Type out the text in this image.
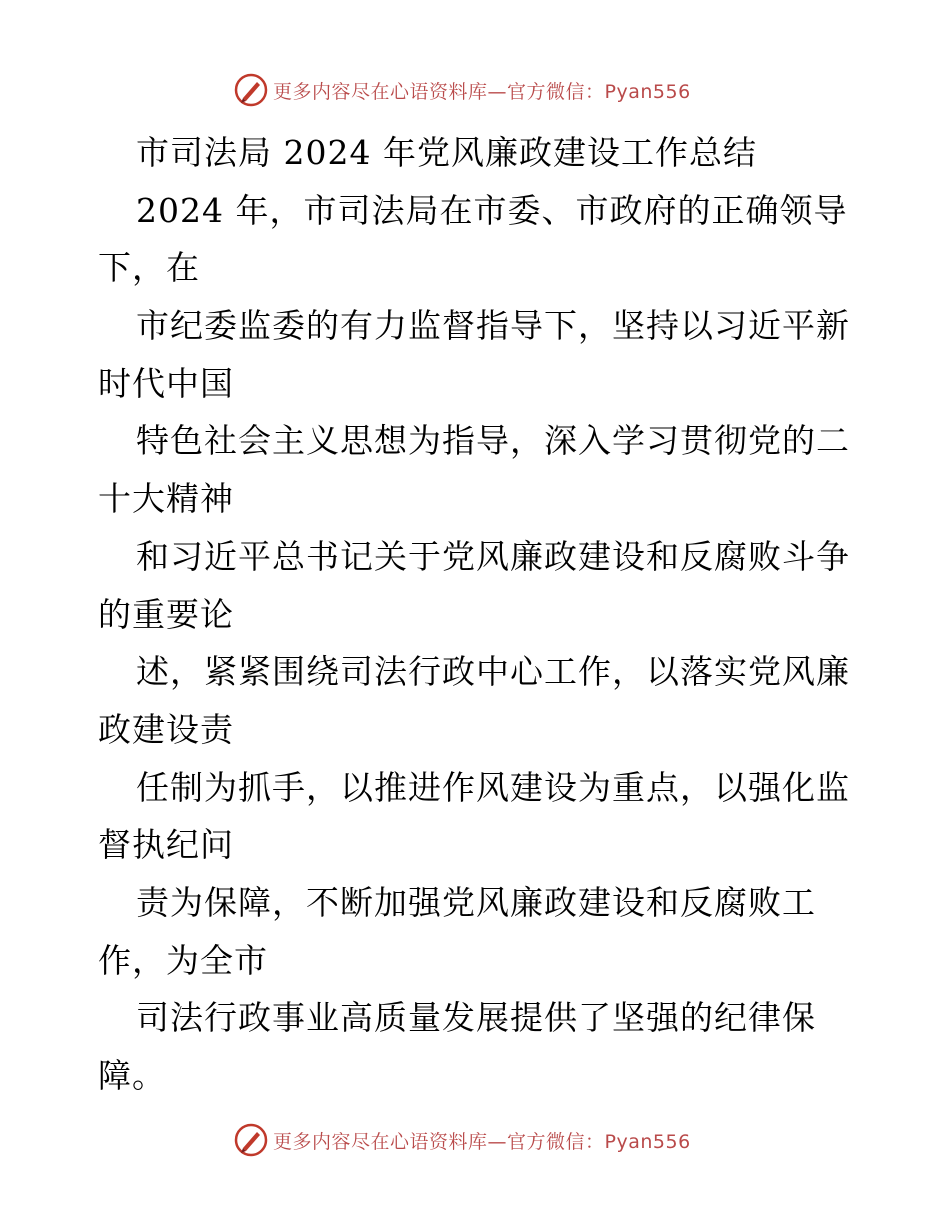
更多内容尽在心语资料库—官方微信：Pyan556
市司法局 2024 年党风廉政建设工作总结
2024 年，市司法局在市委、市政府的正确领导
下，在
市纪委监委的有力监督指导下，坚持以习近平新
时代中国
特色社会主义思想为指导，深入学习贯彻党的二
十大精神
和习近平总书记关于党风廉政建设和反腐败斗争
的重要论
述，紧紧围绕司法行政中心工作，以落实党风廉
政建设责
任制为抓手，以推进作风建设为重点，以强化监
督执纪问
责为保障，不断加强党风廉政建设和反腐败工
作，为全市
司法行政事业高质量发展提供了坚强的纪律保
障。
更多内容尽在心语资料库—官方微信：Pyan556
